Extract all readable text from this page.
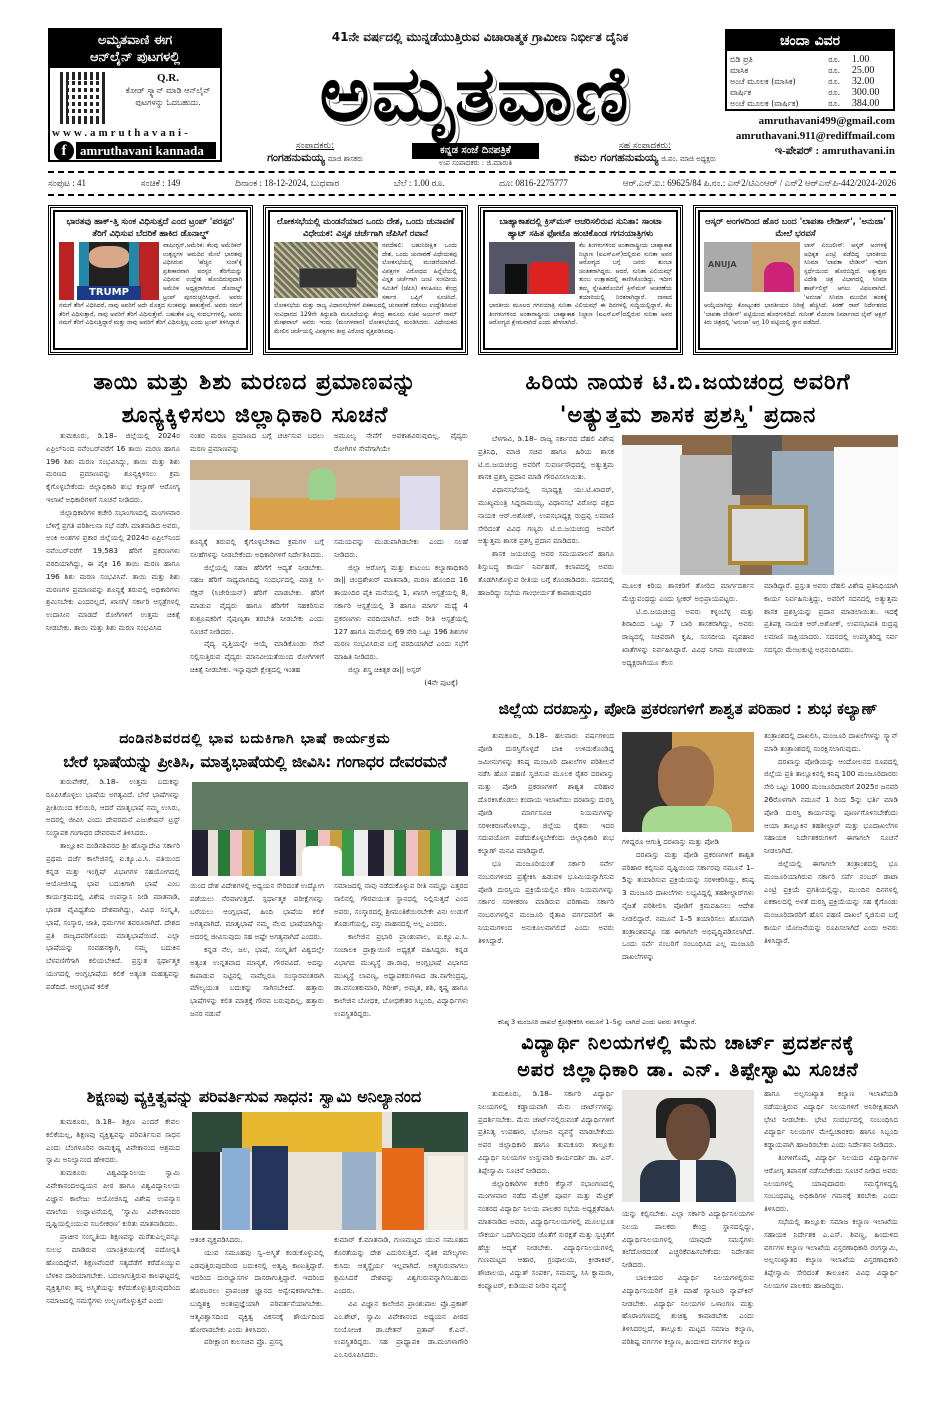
ಅಮೃತವಾಣಿ ಈಗ
ಆನ್‌ಲೈನ್ ಪುಟಗಳಲ್ಲಿ
Q.R.
ಕೋಡ್ ಸ್ಕ್ಯಾನ್ ಮಾಡಿ ಆನ್‌ಲೈನ್ ಪುಟಗಳನ್ನು ಓದಬಹುದು.
www.amruthavani-
f	amruthavani kannada
41ನೇ ವರ್ಷದಲ್ಲಿ ಮುನ್ನಡೆಯುತ್ತಿರುವ ವಿಚಾರಾತ್ಮಕ ಗ್ರಾಮೀಣ ನಿರ್ಭೀತ ದೈನಿಕ
ಅಮೃತವಾಣಿ
ಸಂಪಾದಕರು:
ಗಂಗಹನುಮಯ್ಯ ಮಾಜಿ ಶಾಸಕರು
ಕನ್ನಡ ಸಂಜೆ ದಿನಪತ್ರಿಕೆ
ಉಪ ಸಂಪಾದಕರು : ಜಿ.ಮಾರುತಿ
ಸಹ ಸಂಪಾದಕರು:
ಕಮಲ ಗಂಗಹನುಮಯ್ಯ ಜಿ.ಪಂ. ಮಾಜಿ ಅಧ್ಯಕ್ಷರು
ಚಂದಾ ವಿವರ
ಬಿಡಿ ಪ್ರತಿ	ರೂ.	1.00
ಮಾಸಿಕ	ರೂ.	25.00
ಅಂಚೆ ಮೂಲಕ (ಮಾಸಿಕ)	ರೂ.	32.00
ವಾರ್ಷಿಕ	ರೂ.	300.00
ಅಂಚೆ ಮೂಲಕ (ವಾರ್ಷಿಕ)	ರೂ.	384.00
amruthavani499@gmail.com
amruthavani.911@rediffmail.com
ಇ-ಪೇಪರ್ : amruthavani.in
ಸಂಪುಟ : 41	ಸಂಚಿಕೆ : 149	ದಿನಾಂಕ : 18-12-2024, ಬುಧವಾರ	ಬೆಲೆ : 1.00 ರೂ.	ದೂ: 0816-2275777	ಆರ್.ಎನ್.ಐ.: 69625/84 ಪಿ.ನಂ.: ಎನ್2/ಟಿಎಂಆರ್ / ಎನ್2 ಆರ್‌ಎನ್‌ಪಿ-442/2024-2026
ಭಾರತವು ಹಾಕ್-ತ್ತಿ ಸುಂಕ ವಿಧಿಸುತ್ತದೆ ಎಂದ ಟ್ರಂಪ್ 'ಪರಸ್ಪರ' ತೆರಿಗೆ ವಿಧಿಸುವ ಬೆದರಿಕೆ ಹಾಕಿದ ಡೊನಾಲ್ಡ್
TRUMP

ವಾಷಿಂಗ್ಟನ್,ಅಮೆರಿಕ: ಕೆಲವು ಅಮೆರಿಕನ್ ಉತ್ಪನ್ನಗಳ ಆಮದಿನ ಮೇಲೆ ಭಾರತವು ವಿಧಿಸಿರುವ 'ಹೆಚ್ಚಿನ ಸುಂಕ'ಕ್ಕೆ ಪ್ರತೀಕಾರವಾಗಿ ಪರಸ್ಪರ ತೆರಿಗೆಯನ್ನು ವಿಧಿಸುವ ಉದ್ದೇಶ ಹೊಂದಿರುವುದಾಗಿ ಅಮೆರಿಕ ಅಧ್ಯಕ್ಷರಾಗಿರುವ ಡೊನಾಲ್ಡ್ ಟ್ರಂಪ್ ಪುನರುಚ್ಚರಿಸಿದ್ದಾರೆ. ಅವರು ನಮಗೆ ತೆರಿಗೆ ವಿಧಿಸಿದರೆ, ನಾವು ಅವರಿಗೆ ಅದೇ ಮೊತ್ತದ ಸುಂಕವನ್ನು ಹಾಕುತ್ತೇವೆ. ಅವರು ನಮಗೆ ತೆರಿಗೆ ವಿಧಿಸುತ್ತಾರೆ, ನಾವು ಅವರಿಗೆ ತೆರಿಗೆ ವಿಧಿಸುತ್ತೇವೆ. ಬಹುತೇಕ ಎಲ್ಲ ಸಂದರ್ಭಗಳಲ್ಲಿ, ಅವರು ನಮಗೆ ತೆರಿಗೆ ವಿಧಿಸುತ್ತಿದ್ದಾರೆ ಮತ್ತು ನಾವು ಅವರಿಗೆ ತೆರಿಗೆ ವಿಧಿಸುತ್ತಿಲ್ಲ ಎಂದು ಟ್ರಂಪ್ ತಿಳಿಸಿದ್ದಾರೆ.

ಲೋಕಸಭೆಯಲ್ಲಿ ಮಂಡನೆಯಾದ ಒಂದು ದೇಶ, ಒಂದು ಚುನಾವಣೆ ವಿಧೇಯಕ: ವಿಸ್ತೃತ ಚರ್ಚೆಗಾಗಿ ಜೆಪಿಸಿಗೆ ರವಾನೆ

ನವದೆಹಲಿ: ಬಹುನಿರೀಕ್ಷಿತ ಒಂದು ದೇಶ, ಒಂದು ಚುನಾವಣೆ ವಿಧೇಯಕವು ಲೋಕಸಭೆಯಲ್ಲಿ ಮಂಡನೆಯಾಗಿದೆ. ವಿಪಕ್ಷಗಳ ವಿರೋಧದ ಹಿನ್ನೆಲೆಯಲ್ಲಿ ವಿಸ್ತೃತ ಚರ್ಚೆಗಾಗಿ ಜಂಟಿ ಸಂಸದೀಯ ಸಮಿತಿಗೆ (ಜೆಪಿಸಿ) ಕಳುಹಿಸಲು ಕೇಂದ್ರ ಸರ್ಕಾರ ಒಪ್ಪಿಗೆ ಸೂಚಿಸಿದೆ. ಲೋಕಸಭೆಯ ಮತ್ತು ರಾಜ್ಯ ವಿಧಾನಸಭೆಗಳಿಗೆ ಏಕಕಾಲದಲ್ಲಿ ಚುನಾವಣೆ ನಡೆಸಲು ಉದ್ದೇಶಿಸಿರುವ ಸಂವಿಧಾನದ 129ನೇ ತಿದ್ದುಪಡಿ ಮಸೂದೆಯನ್ನು ಕೇಂದ್ರ ಕಾನೂನು ಸಚಿವ ಅರ್ಜುನ್ ರಾಮ್ ಮೇಘವಾಲ್ ಅವರು ಇಂದು (ಮಂಗಳವಾರ) ಲೋಕಸಭೆಯಲ್ಲಿ ಮಂಡಿಸಿದರು. ವಿಧೇಯಕದ ಮೇಲಿನ ಚರ್ಚೆಯಲ್ಲಿ ವಿಪಕ್ಷಗಳು ತೀವ್ರ ವಿರೋಧ ವ್ಯಕ್ತಪಡಿಸಿದವು.

ಬಾಹ್ಯಾಕಾಶದಲ್ಲಿ ಕ್ರಿಸ್‌ಮಸ್ ಆಚರಿಸಲಿರುವ ಸುನಿತಾ: ಸಾಂಟಾ ಹ್ಯಾಟ್ ಸಹಿತ ಫೋಟೊ ಹಂಚಿಕೊಂಡ ಗಗನಯಾತ್ರಿಗಳು

ಕೆಲ ತಿಂಗಳುಗಳಿಂದ ಅಂತಾರಾಷ್ಟ್ರೀಯ ಬಾಹ್ಯಾಕಾಶ ನಿಲ್ದಾಣ (ಐಎಸ್‌ಎಸ್)ದಲ್ಲಿರುವ ಸುನಿತಾ ಅವರ ಆರೋಗ್ಯದ ಬಗ್ಗೆ ಜನರು ತುಂಬಾ ಚಿಂತಿತರಾಗಿದ್ದರು. ಆದರೆ, ಸುನಿತಾ ವಿಲಿಯಮ್ಸ್ ತುಂಬ ಉತ್ಸಾಹದಲ್ಲಿ ಕಾಣಿಸಿಕೊಂಡಿದ್ದು, ಇದೀಗ ತಮ್ಮ ಸ್ನೇಹಿತರೊಂದಿಗೆ ಕ್ರಿಸ್‌ಮಸ್ ಆಚರಣೆಯ ತಯಾರಿಯಲ್ಲಿ ನಿರತರಾಗಿದ್ದಾರೆ. ನಾಸಾದ ಭಾರತೀಯ ಮೂಲದ ಗಗನಯಾತ್ರಿ ಸುನಿತಾ ವಿಲಿಯಮ್ಸ್ ಈ ದಿನಗಳಲ್ಲಿ ಸುದ್ದಿಯಲ್ಲಿದ್ದಾರೆ. ಕೆಲ ತಿಂಗಳುಗಳಿಂದ ಅಂತಾರಾಷ್ಟ್ರೀಯ ಬಾಹ್ಯಾಕಾಶ ನಿಲ್ದಾಣ (ಐಎಸ್‌ಎಸ್)ದಲ್ಲಿರುವ ಸುನಿತಾ ಅವರ ಆರೋಗ್ಯದ ಕ್ಷೇಮವಾಗಿದೆ ಎಂದು ಹೇಳಲಾಗಿದೆ.

ಆಸ್ಕರ್ ಅಂಗಳದಿಂದ ಹೊರ ಬಂದ 'ಲಾಪತಾ ಲೇಡೀಸ್', 'ಅನುಜಾ' ಮೇಲೆ ಭರವಸೆ
ANUJA

ಲಾಸ್ ಏಂಜಲೀಸ್: ಆಸ್ಕರ್ ಅಂಗಳಕ್ಕೆ ಅಧಿಕೃತ ಎಂಟ್ರಿ ಪಡೆದಿದ್ದ ಭಾರತೀಯ ಸಿನಿಮಾ 'ಲಾಪತಾ ಲೇಡೀಸ್' ಇದೀಗ ಸ್ಪರ್ಧೆಯಿಂದ ಹೊರಬಿದ್ದಿದೆ. ಅತ್ಯುತ್ತಮ ವಿದೇಶಿ ಚಿತ್ರ ವಿಭಾಗದಲ್ಲಿ ಸಿನಿಮಾ ಶಾರ್ಟ್‌ಲಿಸ್ಟ್ ಆಗಲು ವಿಫಲವಾಗಿದೆ. 'ಅನುಜಾ' ಸಿನಿಮಾ ಮುಂದಿನ ಹಂತಕ್ಕೆ ಆಯ್ಕೆಯಾಗಿದ್ದು ಕೋಟ್ಯಂತರ ಭಾರತೀಯರ ನಿರೀಕ್ಷೆ ಹೆಚ್ಚಿಸಿದೆ. ಕಿರಣ್ ರಾವ್ ನಿರ್ದೇಶನದ 'ಲಾಪತಾ ಲೇಡೀಸ್' ಪಟ್ಟಿಯಿಂದ ಹೊರಗುಳಿದಿದೆ. ಗುನೀತ್ ಮೋಂಗಾ ನಿರ್ಮಾಣದ ಲೈವ್ ಆಕ್ಷನ್ ಕಿರು ಚಿತ್ರದಲ್ಲಿ 'ಅನುಜಾ' ಅಗ್ರ 10 ಪಟ್ಟಿಯಲ್ಲಿ ಸ್ಥಾನ ಪಡೆದಿದೆ.

ತಾಯಿ ಮತ್ತು ಶಿಶು ಮರಣದ ಪ್ರಮಾಣವನ್ನು
ಶೂನ್ಯಕ್ಕಿಳಿಸಲು ಜಿಲ್ಲಾಧಿಕಾರಿ ಸೂಚನೆ

ತುಮಕೂರು, ಡಿ.18– ಜಿಲ್ಲೆಯಲ್ಲಿ 2024ರ ಏಪ್ರಿಲ್‌ನಿಂದ ನವೆಂಬರ್‌ವರೆಗೆ 16 ತಾಯಿ ಮರಣ ಹಾಗೂ 196 ಶಿಶು ಮರಣ ಸಂಭವಿಸಿದ್ದು, ತಾಯಿ ಮತ್ತು ಶಿಶು ಮರಣದ ಪ್ರಮಾಣವನ್ನು ಶೂನ್ಯಕ್ಕಿಳಿಸಲು ಕ್ರಮ ಕೈಗೊಳ್ಳಬೇಕೆಂದು ಜಿಲ್ಲಾಧಿಕಾರಿ ಶುಭ ಕಲ್ಯಾಣ್ ಆರೋಗ್ಯ ಇಲಾಖೆ ಅಧಿಕಾರಿಗಳಿಗೆ ಸೂಚನೆ ನೀಡಿದರು.

ಜಿಲ್ಲಾಧಿಕಾರಿಗಳ ಕಚೇರಿ ಸಭಾಂಗಣದಲ್ಲಿ ಮಂಗಳವಾರ ಬೆಳಿಗ್ಗೆ ಪ್ರಗತಿ ಪರಿಶೀಲನಾ ಸಭೆ ನಡೆಸಿ ಮಾತನಾಡಿದ ಅವರು, ಅಂಕಿ ಅಂಶಗಳ ಪ್ರಕಾರ ಜಿಲ್ಲೆಯಲ್ಲಿ 2024ರ ಏಪ್ರಿಲ್‌ನಿಂದ ನವೆಂಬರ್‌ವರೆಗೆ 19,583 ಹೆರಿಗೆ ಪ್ರಕರಣಗಳು ವರದಿಯಾಗಿದ್ದು, ಈ ಪೈಕಿ 16 ತಾಯಿ ಮರಣ ಹಾಗೂ 196 ಶಿಶು ಮರಣ ಸಂಭವಿಸಿವೆ. ತಾಯಿ ಮತ್ತು ಶಿಶು ಮರಣಗಳ ಪ್ರಮಾಣವನ್ನು ಶೂನ್ಯಕ್ಕೆ ತರುವಲ್ಲಿ ಅಧಿಕಾರಿಗಳು ಶ್ರಮಿಸಬೇಕು ಎಂದರಲ್ಲದೆ, ಖಾಸಗಿ/ ಸರ್ಕಾರಿ ಆಸ್ಪತ್ರೆಗಳಲ್ಲಿ ಉದಾಸೀನ ಮಾಡದೆ ರೋಗಿಗಳಿಗೆ ಉತ್ತಮ ಚಿಕಿತ್ಸೆ ನೀಡಬೇಕು. ತಾಯಿ ಮತ್ತು ಶಿಶು ಮರಣ ಸಂಭವಿಸಿದ

ನಂತರ ಮರಣ ಪ್ರಮಾಣದ ಬಗ್ಗೆ ಚರ್ಚಿಸುವ ಬದಲು ಮರಣ ಪ್ರಮಾಣವನ್ನು

ಅಮೂಲ್ಯ ಸೇವೆಗೆ ಅವಕಾಶವಿರುವುದಿಲ್ಲ. ವೈದ್ಯರು ರೋಗಿಗಳ ಸೇವೆಗಾಗಿಯೇ

ಶೂನ್ಯಕ್ಕೆ ತರುವಲ್ಲಿ ಕೈಗೊಳ್ಳಬೇಕಾದ ಕ್ರಮಗಳ ಬಗ್ಗೆ ಸಲಹೆಗಳನ್ನು ನೀಡಬೇಕೆಂದು ಅಧಿಕಾರಿಗಳಿಗೆ ನಿರ್ದೇಶಿಸಿದರು.

ಜಿಲ್ಲೆಯಲ್ಲಿ ಸಹಜ ಹೆರಿಗೆಗೆ ಆದ್ಯತೆ ನೀಡಬೇಕು. ಸಹಜ ಹೆರಿಗೆ ಸಾಧ್ಯವಾಗದಿದ್ದ ಸಂದರ್ಭದಲ್ಲಿ ಮಾತ್ರ ಸಿ-ಸೆಕ್ಷನ್ (ಸಿಜೇರಿಯನ್) ಹೆರಿಗೆ ಮಾಡಬೇಕು. ಹೆರಿಗೆ ಮಾಡುವ ವೈದ್ಯರು ಹಾಗೂ ಹೆರಿಗೆಗೆ ಸಹಕರಿಸುವ ಶುಶ್ರೂಷಕರಿಗೆ ನೈಪುಣ್ಯತಾ ತರಬೇತಿ ನೀಡಬೇಕು ಎಂದು ಸೂಚನೆ ನೀಡಿದರು.

ವೈದ್ಯ ವೃತ್ತಿಯನ್ನೇ ಆಯ್ಕೆ ಮಾಡಿಕೊಂಡು ಸೇವೆ ಸಲ್ಲಿಸುತ್ತಿರುವ ವೈದ್ಯರು ಮಾನವೀಯತೆಯಿಂದ ರೋಗಿಗಳಿಗೆ ಚಿಕಿತ್ಸೆ ನೀಡಬೇಕು. ಇನ್ನಾವುದೇ ಕ್ಷೇತ್ರದಲ್ಲಿ ಇಂತಹ

ಸಮಯವನ್ನು ಮುಡುಪಾಗಿಡಬೇಕು ಎಂದು ಸಲಹೆ ನೀಡಿದರು.

ಜಿಲ್ಲಾ ಆರೋಗ್ಯ ಮತ್ತು ಕುಟುಂಬ ಕಲ್ಯಾಣಾಧಿಕಾರಿ ಡಾ|| ಚಂದ್ರಶೇಖರ್ ಮಾತನಾಡಿ, ಮರಣ ಹೊಂದಿದ 16 ತಾಯಂದಿರ ಪೈಕಿ ಮನೆಯಲ್ಲಿ 1, ಖಾಸಗಿ ಆಸ್ಪತ್ರೆಯಲ್ಲಿ 8, ಸರ್ಕಾರಿ ಆಸ್ಪತ್ರೆಯಲ್ಲಿ 3 ಹಾಗೂ ಮಾರ್ಗ ಮಧ್ಯೆ 4 ಪ್ರಕರಣಗಳು ವರದಿಯಾಗಿವೆ. ಅದೇ ರೀತಿ ಆಸ್ಪತ್ರೆಯಲ್ಲಿ 127 ಹಾಗೂ ಮನೆಯಲ್ಲಿ 69 ಸೇರಿ ಒಟ್ಟು 196 ಶಿಶುಗಳ ಮರಣ ಸಂಭವಿಸಿರುವ ಬಗ್ಗೆ ವರದಿಯಾಗಿದೆ ಎಂದು ಸಭೆಗೆ ಮಾಹಿತಿ ನೀಡಿದರು.

ಜಿಲ್ಲಾ ಶಸ್ತ್ರ ಚಿಕಿತ್ಸಕ ಡಾ|| ಅಸ್ಗರ್

(4ನೇ ಪುಟಕ್ಕೆ)
ಹಿರಿಯ ನಾಯಕ ಟಿ.ಬಿ.ಜಯಚಂದ್ರ ಅವರಿಗೆ
'ಅತ್ಯುತ್ತಮ ಶಾಸಕ ಪ್ರಶಸ್ತಿ' ಪ್ರದಾನ

ಬೆಳಗಾವಿ, ಡಿ.18– ರಾಜ್ಯ ಸರ್ಕಾರದ ದೆಹಲಿ ವಿಶೇಷ ಪ್ರತಿನಿಧಿ, ಮಾಜಿ ಸಚಿವ ಹಾಗೂ ಹಿರಿಯ ಶಾಸಕ ಟಿ.ಬಿ.ಜಯಚಂದ್ರ ಅವರಿಗೆ ಸುವರ್ಣಸೌಧದಲ್ಲಿ ಅತ್ಯುತ್ತಮ ಶಾಸಕ ಪ್ರಶಸ್ತಿ ಪ್ರದಾನ ಮಾಡಿ ಗೌರವಿಸಲಾಯಿತು.

ವಿಧಾನಸಭೆಯಲ್ಲಿ ಸಭಾಧ್ಯಕ್ಷ ಯು.ಟಿ.ಖಾದರ್, ಮುಖ್ಯಮಂತ್ರಿ ಸಿದ್ದರಾಮಯ್ಯ, ವಿಧಾನಸಭೆ ವಿರೋಧ ಪಕ್ಷದ ನಾಯಕ ಆರ್.ಅಶೋಕ್, ಉಪಸಭಾಧ್ಯಕ್ಷ ರುದ್ರಪ್ಪ ಲಮಾಣಿ ಸೇರಿದಂತೆ ವಿವಿಧ ಗಣ್ಯರು ಟಿ.ಬಿ.ಜಯಚಂದ್ರ ಅವರಿಗೆ ಅತ್ಯುತ್ತಮ ಶಾಸಕ ಪ್ರಶಸ್ತಿ ಪ್ರದಾನ ಮಾಡಿದರು.

ಶಾಸಕ ಜಯಚಂದ್ರ ಅವರ ಸಮಯಪಾಲನೆ ಹಾಗೂ ಶಿಸ್ತುಬದ್ಧ ಕಾರ್ಯ ನಿರ್ವಹಣೆ, ಕಲಾಪದಲ್ಲಿ ಅವರು ತೊಡಗಿಸಿಕೊಳ್ಳುವ ರೀತಿಯ ಬಗ್ಗೆ ಕೊಂಡಾಡಿದರು. ಸದನದಲ್ಲಿ ಹಾಜರಿದ್ದು ಸಭೆಯ ಗಾಂಭೀರ್ಯತೆ ಕಾಪಾಡುವುದರ

ಮೂಲಕ ಕಿರಿಯ ಶಾಸಕರಿಗೆ ತೋರಿದ ಮಾರ್ಗದರ್ಶನ ಮೆಚ್ಚುವಂಥದ್ದು ಎಂದು ಸ್ಪೀಕರ್ ಅಭಿಪ್ರಾಯಪಟ್ಟರು.

ಟಿ.ಬಿ.ಜಯಚಂದ್ರ ಅವರು ಕಳ್ಳಂಬೆಳ್ಳ ಮತ್ತು ಶಿರಾದಿಂದ ಒಟ್ಟು 7 ಬಾರಿ ಶಾಸಕರಾಗಿದ್ದು, ಅವರು ರಾಜ್ಯದಲ್ಲಿ ಸಚಿವರಾಗಿ ಕೃಷಿ, ಸಂಸದೀಯ ವ್ಯವಹಾರ ಖಾತೆಗಳನ್ನು ನಿರ್ವಹಿಸಿದ್ದಾರೆ. ವಿವಿಧ ನಿಗಮ ಮಂಡಳಿಯ ಅಧ್ಯಕ್ಷರಾಗಿಯೂ ಕೆಲಸ

ಮಾಡಿದ್ದಾರೆ. ಪ್ರಸ್ತುತ ಅವರು ದೆಹಲಿ ವಿಶೇಷ ಪ್ರತಿನಿಧಿಯಾಗಿ ಕಾರ್ಯ ನಿರ್ವಹಿಸುತ್ತಿದ್ದು, ಅವರಿಗೆ ಸದನದಲ್ಲಿ ಅತ್ಯುತ್ತಮ ಶಾಸಕ ಪ್ರಶಸ್ತಿಯನ್ನು ಪ್ರದಾನ ಮಾಡಲಾಯಿತು. ಇದಕ್ಕೆ ಪ್ರತಿಪಕ್ಷ ನಾಯಕ ಆರ್.ಅಶೋಕ್, ಉಪಸಭಾಪತಿ ರುದ್ರಪ್ಪ ಲಮಾಣಿ ಸಾಕ್ಷಿಯಾದರು. ಸದನದಲ್ಲಿ ಉಪಸ್ಥಿತರಿದ್ದ ಸರ್ವ ಸದಸ್ಯರು ಮೇಜುಕುಟ್ಟಿ ಅಭಿನಂದಿಸಿದರು.

ದಂಡಿನಶಿವರದಲ್ಲಿ ಭಾವ ಬದುಕಿಗಾಗಿ ಭಾಷೆ ಕಾರ್ಯಕ್ರಮ
ಬೇರೆ ಭಾಷೆಯನ್ನು ಪ್ರೀತಿಸಿ, ಮಾತೃಭಾಷೆಯಲ್ಲಿ ಜೀವಿಸಿ: ಗಂಗಾಧರ ದೇವರಮನೆ

ತುರುವೇಕೆರೆ, ಡಿ.18– ಉತ್ತಮ ಬದುಕನ್ನು ರೂಪಿಸಿಕೊಳ್ಳಲು ಭಾಷೆಯ ಅಗತ್ಯವಿದೆ. ಬೇರೆ ಭಾಷೆಗಳನ್ನು ಪ್ರೀತಿಯಿಂದ ಕಲಿಯಿರಿ, ಆದರೆ ಮಾತೃಭಾಷೆ ನಮ್ಮ ಉಸಿರು, ಅದರಲ್ಲಿ ಜೀವಿಸಿ ಎಂದು ದೇವರಮನೆ ಎಜುಕೇಷನ್ ಟ್ರಸ್ಟ್ ಸಂಸ್ಥಾಪಕ ಗಂಗಾಧರ ದೇವರಮನೆ ತಿಳಿಸಿದರು.

ತಾಲ್ಲೂಕಿನ ದಂಡಿನಶಿವರದ ಶ್ರೀ ಹೊನ್ನಾದೇವಿ ಸರ್ಕಾರಿ ಪ್ರಥಮ ದರ್ಜೆ ಕಾಲೇಜಿನಲ್ಲಿ ಐ.ಕ್ಯೂ.ಎ.ಸಿ. ವತಿಯಿಂದ ಕನ್ನಡ ಮತ್ತು ಇಂಗ್ಲಿಷ್ ವಿಭಾಗಗಳ ಸಹಯೋಗದಲ್ಲಿ ಆಯೋಜಿಸಿದ್ದ ಭಾವ ಬದುಕಿಗಾಗಿ ಭಾಷೆ ಎಂಬ ಕಾರ್ಯಕ್ರಮದಲ್ಲಿ ವಿಶೇಷ ಉಪನ್ಯಾಸ ನೀಡಿ ಮಾತನಾಡಿ, ಭಾರತ ವೈವಿಧ್ಯತೆಯ ದೇಶವಾಗಿದ್ದು, ವಿವಿಧ ಸಂಸ್ಕೃತಿ, ಭಾಷೆ, ಸಂಸ್ಕಾರ, ಜಾತಿ, ಧರ್ಮಗಳ ತವರೂರಾಗಿದೆ. ದೇಶದ ಪ್ರತಿ ರಾಜ್ಯದವರಿಗೊಂದು ಮಾತೃಭಾಷೆಯಿದೆ. ಎಲ್ಲಾ ಭಾಷೆಯನ್ನು ಸಂವಹನಕ್ಕಾಗಿ, ನಮ್ಮ ಬದುಕಿನ ಬೆಳವಣಿಗೆಗಾಗಿ ಕಲಿಯಬೇಕಿದೆ. ಪ್ರಸ್ತುತ ಸ್ಪರ್ಧಾತ್ಮಕ ಯುಗದಲ್ಲಿ ಆಂಗ್ಲಭಾಷೆಯ ಕಲಿಕೆ ಅತ್ಯಂತ ಮಹತ್ವವನ್ನು ಪಡೆದಿದೆ. ಆಂಗ್ಲಭಾಷೆ ಕಲಿಕೆ

ಯಿಂದ ದೇಶ ವಿದೇಶಗಳಲ್ಲಿ ಅಧ್ಯಯನ ಸೇರಿದಂತೆ ಉದ್ಯೋಗ ಪಡೆಯಲು ನೆರವಾಗುತ್ತದೆ. ಸ್ಪರ್ಧಾತ್ಮಕ ಪರೀಕ್ಷೆಗಳನ್ನು ಬರೆಯಲು ಆಂಗ್ಲಭಾಷೆ, ಹಿಂದಿ ಭಾಷೆಯ ಕಲಿಕೆ ಅಗತ್ಯವಾಗಿದೆ. ಮಾತೃಭಾಷೆ ನಮ್ಮ ನೆಲದ ಭಾಷೆಯಾಗಿದ್ದು ಅದರಲ್ಲಿ ಜೀವಿಸುವುದು ಸಹ ಅಷ್ಟೇ ಅಗತ್ಯವಾಗಿದೆ ಎಂದರು.

ಕನ್ನಡ ನೆಲ, ಜಲ, ಭಾಷೆ, ಸಂಸ್ಕೃತಿಗೆ ವಿಶ್ವದಲ್ಲೇ ಅತ್ಯಂತ ಉನ್ನತವಾದ ಮಾನ್ಯತೆ, ಗೌರವವಿದೆ. ಅದನ್ನು ಕಾಪಾಡುವ ನಿಟ್ಟಿನಲ್ಲಿ ನಾವೆಲ್ಲರೂ ಸಂಸ್ಕಾರವಂತರಾಗಿ ಮೌಲ್ಯಯುತ ಬದುಕನ್ನು ಸಾಗಿಸಬೇಕಿದೆ. ಹತ್ತಾರು ಭಾಷೆಗಳನ್ನು ಕಲಿತ ಮಾತ್ರಕ್ಕೆ ಗೌರವ ಬರುವುದಿಲ್ಲ, ಹತ್ತಾರು ಜನರ ನಡುವೆ

ಸಮಾಜದಲ್ಲಿ ನಾವು ನಡೆದುಕೊಳ್ಳುವ ರೀತಿ ನಮ್ಮನ್ನು ಎತ್ತರದ ಸಾಲಿನಲ್ಲಿ ಗೌರವಯುತ ಸ್ಥಾನದಲ್ಲಿ ನಿಲ್ಲಿಸುತ್ತದೆ ಎಂದ ಅವರು, ಸಂಸ್ಕಾರದಲ್ಲಿ ಶ್ರೀಮಂತಿಕೆಯಿರಬೇಕೇ ವಿನಃ ಉಡುಗೆ ತೊಡುಗೆಯಲ್ಲಿ, ವಸ್ತು ವಾಹನದಲ್ಲಿ ಅಲ್ಲ ಎಂದರು.

ಕಾಲೇಜಿನ ಪ್ರಭಾರಿ ಪ್ರಾಂಶುಪಾಲ, ಐ.ಕ್ಯೂ.ಎ.ಸಿ. ಸಂಚಾಲಕಿ ದ್ರಾಕ್ಷಾಯಿಣಿ ಅಧ್ಯಕ್ಷತೆ ವಹಿಸಿದ್ದರು. ಕನ್ನಡ ವಿಭಾಗದ ಮುಖ್ಯಸ್ಥೆ ಡಾ.ರಾಧ, ಆಂಗ್ಲಭಾಷೆ ವಿಭಾಗದ ಮುಖ್ಯಸ್ಥೆ ಲಾವಣ್ಯ, ಅಧ್ಯಾಪಕರುಗಳಾದ ಡಾ.ನಾಗೇಂದ್ರಪ್ಪ, ಡಾ.ವಸಂತಕುಮಾರಿ, ಗಿರೀಶ್, ಅಮೃತ, ಶಶಿ, ಕೃಷ್ಣ ಹಾಗೂ ಕಾಲೇಜಿನ ಬೋಧಕ, ಬೋಧಕೇತರ ಸಿಬ್ಬಂದಿ, ವಿದ್ಯಾರ್ಥಿಗಳು ಉಪಸ್ಥಿತರಿದ್ದರು.

ಶಿಕ್ಷಣವು ವ್ಯಕ್ತಿತ್ವವನ್ನು ಪರಿವರ್ತಿಸುವ ಸಾಧನ: ಸ್ವಾಮಿ ಅನಿಲ್ಯಾನಂದ

ತುಮಕೂರು, ಡಿ.18– ಶಿಕ್ಷಣ ಎಂದರೆ ಕೇವಲ ಕಲಿಕೆಯಲ್ಲ, ಶಿಕ್ಷಣವು ವ್ಯಕ್ತಿತ್ವವನ್ನು ಪರಿವರ್ತಿಸುವ ಸಾಧನ ಎಂದು ಬೆಂಗಳೂರಿನ ರಾಮಕೃಷ್ಣ ವಿವೇಕಾನಂದ ಆಶ್ರಮದ ಸ್ವಾಮಿ ಅನಿಲ್ಯಾನಂದ ಹೇಳಿದರು.

ತುಮಕೂರು ವಿಶ್ವವಿದ್ಯಾನಿಲಯ ಸ್ವಾಮಿ ವಿವೇಕಾನಂದಅಧ್ಯಯನ ಪೀಠ ಹಾಗೂ ವಿಶ್ವವಿದ್ಯಾನಿಲಯ ವಿಜ್ಞಾನ ಕಾಲೇಜು ಆಯೋಜಿಸಿದ್ದ ವಿಶೇಷ ಉಪನ್ಯಾಸ ಮಾಲೆಯ ಉದ್ಘಾಟನೆಯಲ್ಲಿ 'ಸ್ವಾಮಿ ವಿವೇಕಾನಂದರ ದೃಷ್ಟಿಯಲ್ಲಿಂಯುವ ಸಬಲೀಕರಣ' ಕುರಿತು ಮಾತನಾಡಿದರು.

ಪ್ರಾಚೀನ ಸಂಸ್ಕೃತಿಯ ಶಿಕ್ಷಣವನ್ನು ಮರೆತುಎಲ್ಲವನ್ನೂ ಸುಲಭ ಮಾಡಿರುವ ಯಾಂತ್ರಿಕಯುಗಕ್ಕೆ ಪದೋನ್ನತಿ ಹೊಂದಿದ್ದೇವೆ. ಶಿಕ್ಷಣವೆಂದರೆ ಸತ್ಯದೆಡೆಗೆ ಕರೆದೊಯ್ಯುವ ಬೆಳಕಿನ ದಾರಿಯಾಗಬೇಕು. ಬದಲಾಗುತ್ತಿರುವ ಕಾಲಘಟ್ಟದಲ್ಲಿ ವ್ಯಕ್ತಿತ್ವಗಳು ತನ್ನ ಅಸ್ಮಿತೆಯನ್ನು ಕಳೆದುಕೊಳ್ಳುತ್ತಿರುವುದರಿಂದ ಸಮಾಜದಲ್ಲಿ ಸಮಸ್ಯೆಗಳು ಉಲ್ಬಣಗೊಳ್ಳುತ್ತಿವೆ ಎಂದು

ಆತಂಕ ವ್ಯಕ್ತಪಡಿಸಿದರು.

ಯುವ ಸಮೂಹವು ಸ್ವ–ಅಸ್ಮಿತೆ ಕಂಡುಕೊಳ್ಳುವಲ್ಲಿ ಎಡವುತ್ತಿರುವುದರಿಂದ ಬದುಕಿನಲ್ಲಿ ಅತೃಪ್ತಿ ಕಾಣುತ್ತಿದ್ದಾರೆ. ಇದರಿಂದ ದುರಭ್ಯಾಸಗಳ ದಾಸರಾಗುತ್ತಿದ್ದಾರೆ. ಇದರಿಂದ ಹೊರಬರಲು ಪ್ರಾಪಂಚಿಕ ಜ್ಞಾನದ ಅನ್ವೇಷಕರಾಗಬೇಕು. ಬುದ್ಧಿಶಕ್ತಿ ಅಂತಃಪ್ರಜ್ಞೆಯಾಗಿ ಪರಿವರ್ತನೆಯಾಗಬೇಕು. ಆತ್ಮವಿಶ್ವಾಸದಿಂದ ವ್ಯಕ್ತಿತ್ವ ವಿಕಸನಕ್ಕೆ ಶೌರ್ಯದಿಂದ ಹೋರಾಡಬೇಕು ಎಂದು ತಿಳಿಸಿದರು.

ಪರೀಕ್ಷಾಂಗ ಕುಲಸಚಿವ ಪ್ರೊ. ಪ್ರಸನ್ನ

ಕುಮಾರ್ ಕೆ.ಮಾತನಾಡಿ, ಗುಣಮಟ್ಟದ ಯುವ ಸಮೂಹದ ಕೊರತೆಯನ್ನು ದೇಶ ಎದುರಿಸುತ್ತಿದೆ. ನೈತಿಕ ಮೌಲ್ಯಗಳು ಕುಸಿದು ಆತ್ಮಸ್ಥೈರ್ಯ ಇಲ್ಲವಾಗಿದೆ. ಆತ್ಮಗುರುವಾಗಲು ಶ್ರಮಿಸಿದರೆ ದೇಶವನ್ನು ವಿಶ್ವಗುರುವನ್ನಾಗಿಸಬಹುದು ಎಂದರು.

ವಿವಿ ವಿಜ್ಞಾನ ಕಾಲೇಜಿನ ಪ್ರಾಂಶುಪಾಲ ಪ್ರೊ.ಪ್ರಕಾಶ್ ಎಂ.ಶೇಟ್, ಸ್ವಾಮಿ ವಿವೇಕಾನಂದ ಅಧ್ಯಯನ ಪೀಠದ ಸಂಯೋಜಕ ಡಾ.ಚೇತನ್ ಪ್ರತಾಪ್ ಕೆ.ಎನ್. ಉಪಸ್ಥಿತರಿದ್ದರು. ಸಹ ಪ್ರಾಧ್ಯಾಪಕಿ ಡಾ.ಮಂಗಳಾಗೌರಿ ಎಂ.ನಿರೂಪಿಸಿದರು.

ಜಿಲ್ಲೆಯ ದರಖಾಸ್ತು, ಪೋಡಿ ಪ್ರಕರಣಗಳಿಗೆ ಶಾಶ್ವತ ಪರಿಹಾರ : ಶುಭ ಕಲ್ಯಾಣ್

ತುಮಕೂರು, ಡಿ.18– ಹಲವಾರು ವರ್ಷಗಳಿಂದ ಪೋಡಿ ದುರಸ್ತಿಗೊಳ್ಳದೆ ಬಾಕಿ ಉಳಿದುಕೊಂಡಿದ್ದ ಜಮೀನುಗಳನ್ನು ಕನಿಷ್ಠ ಮಂಜೂರಿ ದಾಖಲೆಗಳ ಪರಿಶೀಲನೆ ನಡೆಸಿ ಹೊಸ ಪಹಣಿ ಸೃಜಿಸುವ ಮೂಲಕ ರೈತರ ದರಖಾಸ್ತು ಮತ್ತು ಪೋಡಿ ಪ್ರಕರಣಗಳಿಗೆ ಶಾಶ್ವತ ಪರಿಹಾರ ದೊರಕಿಸಿಕೊಡಲು ಕಂದಾಯ ಇಲಾಖೆಯು ದರಖಾಸ್ತು ದುರಸ್ತಿ ಪೋಡಿ ಮಾರ್ಗಸೂಚಿ ನಿಯಮಗಳನ್ನು ಸರಳೀಕರಣಗೊಳಿಸಿದ್ದು, ಜಿಲ್ಲೆಯ ರೈತರು ಇದರ ಸದುಪಯೋಗ ಪಡೆದುಕೊಳ್ಳಬೇಕೆಂದು ಜಿಲ್ಲಾಧಿಕಾರಿ ಶುಭ ಕಲ್ಯಾಣ್ ಮನವಿ ಮಾಡಿದ್ದಾರೆ.

ಭೂ ಮಂಜೂರಿಯಂತೆ ಸರ್ಕಾರಿ ಸರ್ವೇ ನಂಬರುಗಳಿಂದ ಪ್ರತ್ಯೇಕಿಸಿ ಹಿಡುವಳಿ ಭೂಮಿಯನ್ನಾಗಿಸುವ ಪೋಡಿ ದುರಸ್ತಿಯ ಪ್ರಕ್ರಿಯೆಯಲ್ಲಿನ ಕಠಿಣ ನಿಯಮಗಳನ್ನು ಸರ್ಕಾರ ಸರಳೀಕರಣ ಮಾಡಿರುವ ಪರಿಣಾಮ ಸರ್ಕಾರಿ ನಂಬರುಗಳಲ್ಲಿನ ಮಂಜೂರಿ ರೈತಾಪಿ ವರ್ಗದವರಿಗೆ ಈ ನಿಯಮಗಳಿಂದ ಅನುಕೂಲವಾಗಲಿದೆ ಎಂದು ಅವರು ತಿಳಿಸಿದ್ದಾರೆ.

ಗಳಿದ್ದರೂ ಆಗುತ್ತಿ ದರಖಾಸ್ತು ಮತ್ತು ಪೋಡಿ

ದರಖಾಸ್ತು ಮತ್ತು ಪೋಡಿ ಪ್ರಕರಣಗಳಿಗೆ ಶಾಶ್ವತ ಪರಿಹಾರ ಕಲ್ಪಿಸುವ ದೃಷ್ಟಿಯಿಂದ ಸರ್ಕಾರವು ನಮೂನೆ 1–5ನ್ನು ತಯಾರಿಸುವ ಪ್ರಕ್ರಿಯೆಯನ್ನು ಸರಳೀಕರಿಸಿದ್ದು, ಕನಿಷ್ಠ 3 ಮಂಜೂರಿ ದಾಖಲೆಗಳು ಲಭ್ಯವಿದ್ದಲ್ಲಿ ತಹಶೀಲ್ದಾರ್‌ಗಳು ನೈಜತೆ ಪರಿಶೀಲಿಸಿ ಪೋಡಿಗೆ ಕ್ರಮವಹಿಸಲು ಆದೇಶ ನೀಡಲಿದ್ದಾರೆ. ನಮೂನೆ 1–5 ತಯಾರಿಸಲು ಹೊಸದಾಗಿ ತಂತ್ರಾಂಶವನ್ನೂ ಸಹ ಈಗಾಗಲೇ ಅಭಿವೃದ್ಧಿಪಡಿಸಲಾಗಿದೆ. ಒಂದು ಸರ್ವೆ ನಂಬರಿಗೆ ಸಂಬಂಧಿಸಿದ ಎಲ್ಲ ಮಂಜೂರಿ ದಾಖಲೆಗಳನ್ನು

ತಂತ್ರಾಂಶದಲ್ಲಿ ದಾಖಲಿಸಿ, ಮಂಜೂರಿ ದಾಖಲೆಗಳನ್ನು ಸ್ಕ್ಯಾನ್ ಮಾಡಿ ತಂತ್ರಾಂಶದಲ್ಲಿ ಸಂರಕ್ಷಿಸಲಾಗುವುದು.

ದರಖಾಸ್ತು ಪೋಡಿಯನ್ನು ಆಂದೋಲನದ ರೂಪದಲ್ಲಿ ಜಿಲ್ಲೆಯ ಪ್ರತಿ ತಾಲ್ಲೂಕಿನಲ್ಲಿ ಕನಿಷ್ಠ 100 ಮಂಜೂರಿದಾರರು ಸೇರಿ ಒಟ್ಟು 1000 ಮಂಜೂರಿದಾರರಿಗೆ 2025ರ ಜನವರಿ 26ರೊಳಗಾಗಿ ನಮೂನೆ 1 ರಿಂದ 5ನ್ನು ಭರ್ತಿ ಮಾಡಿ ಪೋಡಿ ದುರಸ್ತಿ ಕಾರ್ಯವನ್ನು ಪೂರ್ಣಗೊಳಿಸಬೇಕೆಂದು ಆಯಾ ತಾಲ್ಲೂಕಿನ ತಹಶೀಲ್ದಾರ್ ಮತ್ತು ಭೂದಾಖಲೆಗಳ ಸಹಾಯಕ ನಿರ್ದೇಶಕರುಗಳಿಗೆ ಈಗಾಗಲೇ ಸೂಚನೆ ನೀಡಲಾಗಿದೆ.

ಜಿಲ್ಲೆಯಲ್ಲಿ ಈಗಾಗಲೇ ತಂತ್ರಾಂಶದಲ್ಲಿ ಭೂ ಮಂಜೂರಿಯಾಗಿರುವ ಸರ್ಕಾರಿ ಸರ್ವೆ ನಂಬರ್ ಡಾಟಾ ಎಂಟ್ರಿ ಪ್ರಕ್ರಿಯೆ ಪ್ರಗತಿಯಲ್ಲಿದ್ದು, ಮುಂದಿನ ದಿನಗಳಲ್ಲಿ ಏಕಕಾಲದಲ್ಲಿ ಅಳತೆ ದುರಸ್ತಿ ಪ್ರಕ್ರಿಯೆಯನ್ನು ಸಹ ಕೈಗೊಂಡು ಮಂಜೂರಿದಾರರಿಗೆ ಹೊಸ ಪಹಣಿ ದಾಖಲೆ ಸೃಜಿಸುವ ಬಗ್ಗೆ ಕಾರ್ಯ ಯೋಜನೆಯನ್ನು ರೂಪಿಸಲಾಗಿದೆ ಎಂದು ಅವರು ತಿಳಿಸಿದ್ದಾರೆ.

ಕನಿಷ್ಠ 3 ಮಂಜೂರಿ ದಾಖಲೆ ಕ್ರೋಢೀಕರಿಸಿ ನಮೂನೆ 1–5ನ್ನು ಲಾಗಿದೆ ಎಂದು ಅವರು ತಿಳಿಸಿದ್ದಾರೆ.

ವಿದ್ಯಾರ್ಥಿ ನಿಲಯಗಳಲ್ಲಿ ಮೆನು ಚಾರ್ಟ್ ಪ್ರದರ್ಶನಕ್ಕೆ
ಅಪರ ಜಿಲ್ಲಾಧಿಕಾರಿ ಡಾ. ಎನ್. ತಿಪ್ಪೇಸ್ವಾಮಿ ಸೂಚನೆ

ತುಮಕೂರು, ಡಿ.18– ಸರ್ಕಾರಿ ವಿದ್ಯಾರ್ಥಿ ನಿಲಯಗಳಲ್ಲಿ ಕಡ್ಡಾಯವಾಗಿ ಮೆನು ಚಾರ್ಟ್‌ಗಳನ್ನು ಪ್ರದರ್ಶಿಸಬೇಕು. ಮೆನು ಚಾರ್ಟ್‌ನಲ್ಲಿರುವಂತೆ ವಿದ್ಯಾರ್ಥಿಗಳಿಗೆ ಪ್ರತಿನಿತ್ಯ ಉಪಹಾರ, ಭೋಜನ ವ್ಯವಸ್ಥೆ ಮಾಡಬೇಕೆಂದು ಅಪರ ಜಿಲ್ಲಾಧಿಕಾರಿ ಹಾಗೂ ತುಮಕೂರು ತಾಲ್ಲೂಕು ವಿದ್ಯಾರ್ಥಿ ನಿಲಯಗಳ ಉಸ್ತುವಾರಿ ಕಾರ್ಯದರ್ಶಿ ಡಾ. ಎನ್. ತಿಪ್ಪೇಸ್ವಾಮಿ ಸೂಚನೆ ನೀಡಿದರು.

ಜಿಲ್ಲಾಧಿಕಾರಿಗಳ ಕಚೇರಿ ಕೆಸ್ವಾನ್ ಸಭಾಂಗಣದಲ್ಲಿ ಮಂಗಳವಾರ ನಡೆದ ಮೆಟ್ರಿಕ್ ಪೂರ್ವ ಮತ್ತು ಮೆಟ್ರಿಕ್ ನಂತರದ ವಿದ್ಯಾರ್ಥಿ ನಿಲಯ ಪಾಲಕರ ಸಭೆಯ ಅಧ್ಯಕ್ಷತೆವಹಿಸಿ ಮಾತನಾಡಿದ ಅವರು, ವಿದ್ಯಾರ್ಥಿನಿಲಯಗಳಲ್ಲಿ ಮೂಲಭೂತ ಸೌಕರ್ಯ ಒದಗಿಸುವುದರ ಜೊತೆಗೆ ಸುರಕ್ಷತೆ ಮತ್ತು ಸ್ವಚ್ಛತೆಗೆ ಹೆಚ್ಚು ಆದ್ಯತೆ ನೀಡಬೇಕು. ವಿದ್ಯಾರ್ಥಿನಿಲಯಗಳಲ್ಲಿ ಗುಣಮಟ್ಟದ ಆಹಾರ, ಗ್ರಂಥಾಲಯ, ಕ್ರೀಡಾಕಿಟ್, ಶೌಚಾಲಯ, ವಿದ್ಯುತ್ ಸಂಪರ್ಕ, ಸಮವಸ್ತ್ರ, ಸಿಸಿ ಕ್ಯಾಮರಾ, ಕಂಪ್ಯೂಟರ್, ಕುಡಿಯುವ ನೀರಿನ ವ್ಯವಸ್ಥೆ

ಯನ್ನು ಕಲ್ಪಿಸಬೇಕು. ಎಲ್ಲಾ ಸರ್ಕಾರಿ ವಿದ್ಯಾರ್ಥಿನಿಲಯಗಳ ನಿಲಯ ಪಾಲಕರು ಕೇಂದ್ರ ಸ್ಥಾನದಲ್ಲಿದ್ದು, ವಿದ್ಯಾರ್ಥಿನಿಲಯಗಳಲ್ಲಿ ಯಾವುದೇ ಸಮಸ್ಯೆಗಳು ತಲೆದೋರದಂತೆ ಎಚ್ಚರಿಕೆವಹಿಸಬೇಕೆಂದು ನಿರ್ದೇಶನ ನೀಡಿದರು.

ಬಾಲಕಿಯರ ವಿದ್ಯಾರ್ಥಿ ನಿಲಯಗಳಲ್ಲಿರುವ ವಿದ್ಯಾರ್ಥಿನಿಯರಿಗೆ ಪ್ರತಿ ಮಾಹೆ ಸ್ಯಾನಿಟರಿ ನ್ಯಾಪ್‌ಕಿನ್ ನೀಡಬೇಕು. ವಿದ್ಯಾರ್ಥಿ ನಿಲಯಗಳ ಒಳಾಂಗಣ ಮತ್ತು ಹೊರಾಂಗಣದಲ್ಲಿ ಶುಚಿತ್ವ ಕಾಪಾಡಬೇಕು ಎಂದು ತಿಳಿಸಿದರಲ್ಲದೆ, ತಾಲ್ಲೂಕು ಮಟ್ಟದ ಸಮಾಜ ಕಲ್ಯಾಣ, ಪರಿಶಿಷ್ಟ ವರ್ಗಗಳ ಕಲ್ಯಾಣ, ಹಿಂದುಳಿದ ವರ್ಗಗಳ ಕಲ್ಯಾಣ

ಹಾಗೂ ಅಲ್ಪಸಂಖ್ಯಾತ ಕಲ್ಯಾಣ ಇಲಾಖೆಯಡಿ ನಡೆಯುತ್ತಿರುವ ವಿದ್ಯಾರ್ಥಿ ನಿಲಯಗಳಿಗೆ ಅನಿರೀಕ್ಷಿತವಾಗಿ ಭೇಟಿ ನೀಡಬೇಕು. ಭೇಟಿ ಸಂದರ್ಭದಲ್ಲಿ ಸಂಬಂಧಿಸಿದ ವಿದ್ಯಾರ್ಥಿ ನಿಲಯಗಳ ಮೇಲ್ವಿಚಾರಕರು ಹಾಗೂ ಸಿಬ್ಬಂದಿ ಕಡ್ಡಾಯವಾಗಿ ಹಾಜರಿರಬೇಕು ಎಂದು ನಿರ್ದೇಶನ ನೀಡಿದರು.

ತಿಂಗಳಿಗೊಮ್ಮೆ ವಿದ್ಯಾರ್ಥಿ ನಿಲಯದ ವಿದ್ಯಾರ್ಥಿಗಳ ಆರೋಗ್ಯ ತಪಾಸಣೆ ನಡೆಸಬೇಕೆಂದು ಸೂಚನೆ ನೀಡಿದ ಅವರು ನಿಲಯಗಳಲ್ಲಿ ಯಾವುದಾದರು ಸಮಸ್ಯೆಗಳಿದ್ದಲ್ಲಿ ಸಂಬಂಧಪಟ್ಟ ಅಧಿಕಾರಿಗಳ ಗಮನಕ್ಕೆ ತರಬೇಕು ಎಂದು ತಿಳಿಸಿದರು.

ಸಭೆಯಲ್ಲಿ ತಾಲ್ಲೂಕು ಸಮಾಜ ಕಲ್ಯಾಣ ಇಲಾಖೆಯ ಸಹಾಯಕ ನಿರ್ದೇಶಕ ಎ.ಎಸ್. ಶಿವಣ್ಣ, ಹಿಂದುಳಿದ ವರ್ಗಗಳ ಕಲ್ಯಾಣ ಇಲಾಖೆಯ ವಿಸ್ತರಣಾಧಿಕಾರಿ ರಂಗಸ್ವಾಮಿ, ಅಲ್ಪಸಂಖ್ಯಾತರ ಕಲ್ಯಾಣ ಇಲಾಖೆಯ ವಿಸ್ತರಣಾಧಿಕಾರಿ ತಿಪ್ಪೇಸ್ವಾಮಿ ಸೇರಿದಂತೆ ತಾಲೂಕಿನ ವಿವಿಧ ವಿದ್ಯಾರ್ಥಿ ನಿಲಯಗಳ ಪಾಲಕರು ಹಾಜರಿದ್ದರು.
